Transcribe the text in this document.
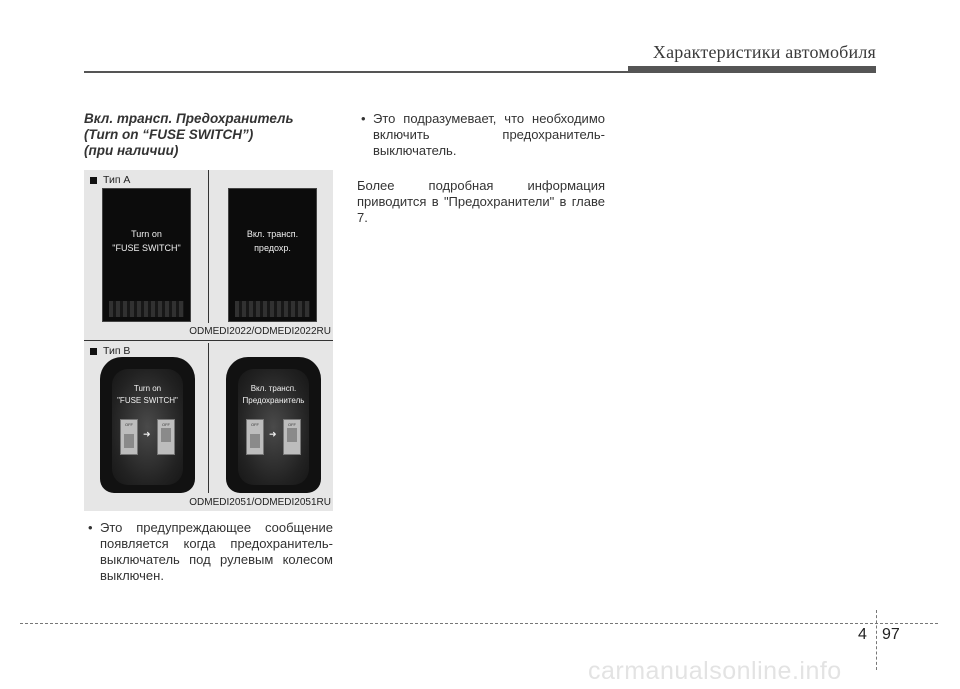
Характеристики автомобиля
Вкл. трансп. Предохранитель
(Turn on “FUSE SWITCH”)
(при наличии)
Тип A
Turn on
"FUSE SWITCH"
Вкл. трансп.
предохр.
ODMEDI2022/ODMEDI2022RU
Тип B
Turn on
"FUSE SWITCH"
OFF
➜
OFF
Вкл. трансп.
Предохранитель
OFF
➜
OFF
ODMEDI2051/ODMEDI2051RU
• Это предупреждающее сообщение появляется когда предохранитель-выключатель под рулевым колесом выключен.
• Это подразумевает, что необходимо включить предохранитель-выключатель.
Более подробная информация приводится в "Предохранители" в главе 7.
4 97
carmanualsonline.info
